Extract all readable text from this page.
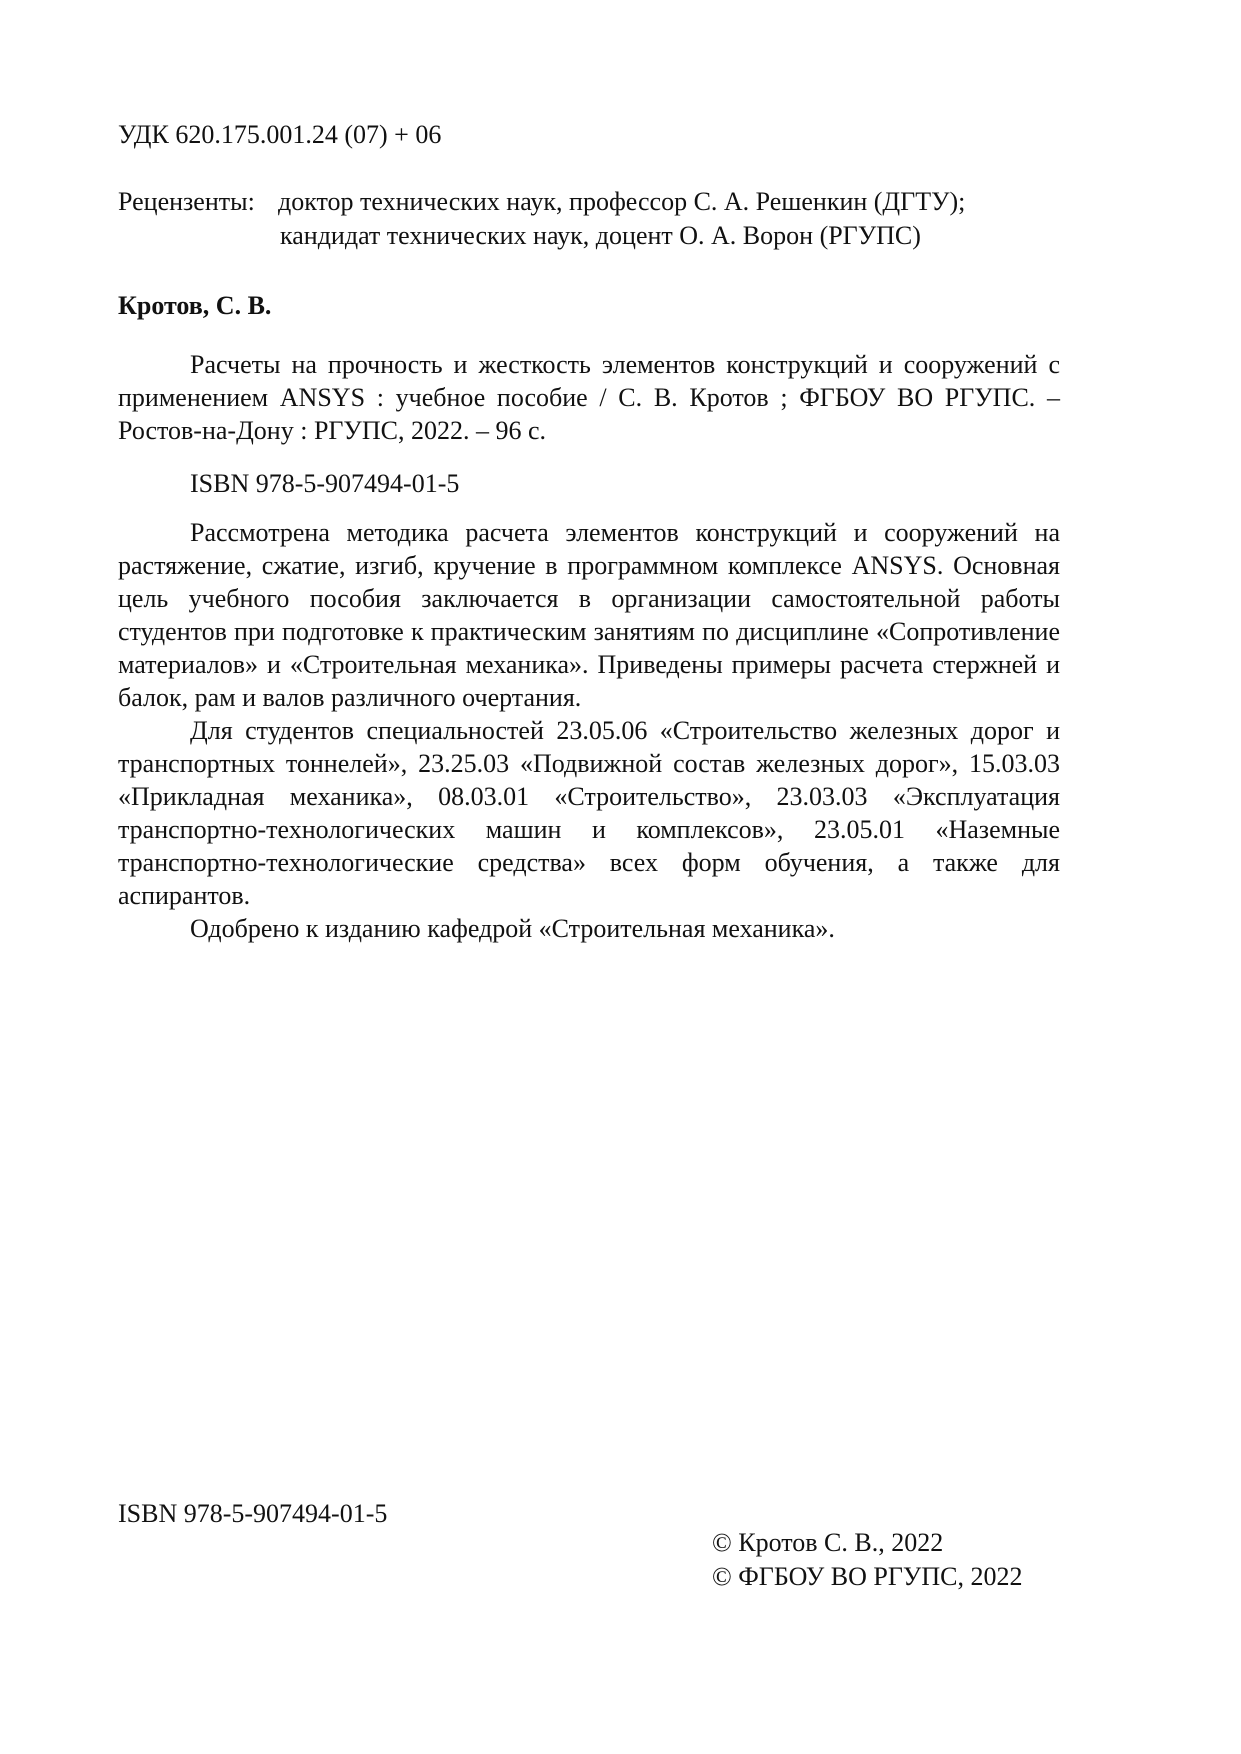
УДК 620.175.001.24 (07) + 06
Рецензенты: доктор технических наук, профессор С. А. Решенкин (ДГТУ);
кандидат технических наук, доцент О. А. Ворон (РГУПС)
Кротов, С. В.

Расчеты на прочность и жесткость элементов конструкций и сооружений с применением ANSYS : учебное пособие / С. В. Кротов ; ФГБОУ ВО РГУПС. – Ростов-на-Дону : РГУПС, 2022. – 96 с.

ISBN 978-5-907494-01-5

Рассмотрена методика расчета элементов конструкций и сооружений на растяжение, сжатие, изгиб, кручение в программном комплексе ANSYS. Основная цель учебного пособия заключается в организации самостоятельной работы студентов при подготовке к практическим занятиям по дисциплине «Сопротивление материалов» и «Строительная механика». Приведены примеры расчета стержней и балок, рам и валов различного очертания.

Для студентов специальностей 23.05.06 «Строительство железных дорог и транспортных тоннелей», 23.25.03 «Подвижной состав железных дорог», 15.03.03 «Прикладная механика», 08.03.01 «Строительство», 23.03.03 «Эксплуатация транспортно-технологических машин и комплексов», 23.05.01 «Наземные транспортно-технологические средства» всех форм обучения, а также для аспирантов.

Одобрено к изданию кафедрой «Строительная механика».

ISBN 978-5-907494-01-5
© Кротов С. В., 2022
© ФГБОУ ВО РГУПС, 2022
